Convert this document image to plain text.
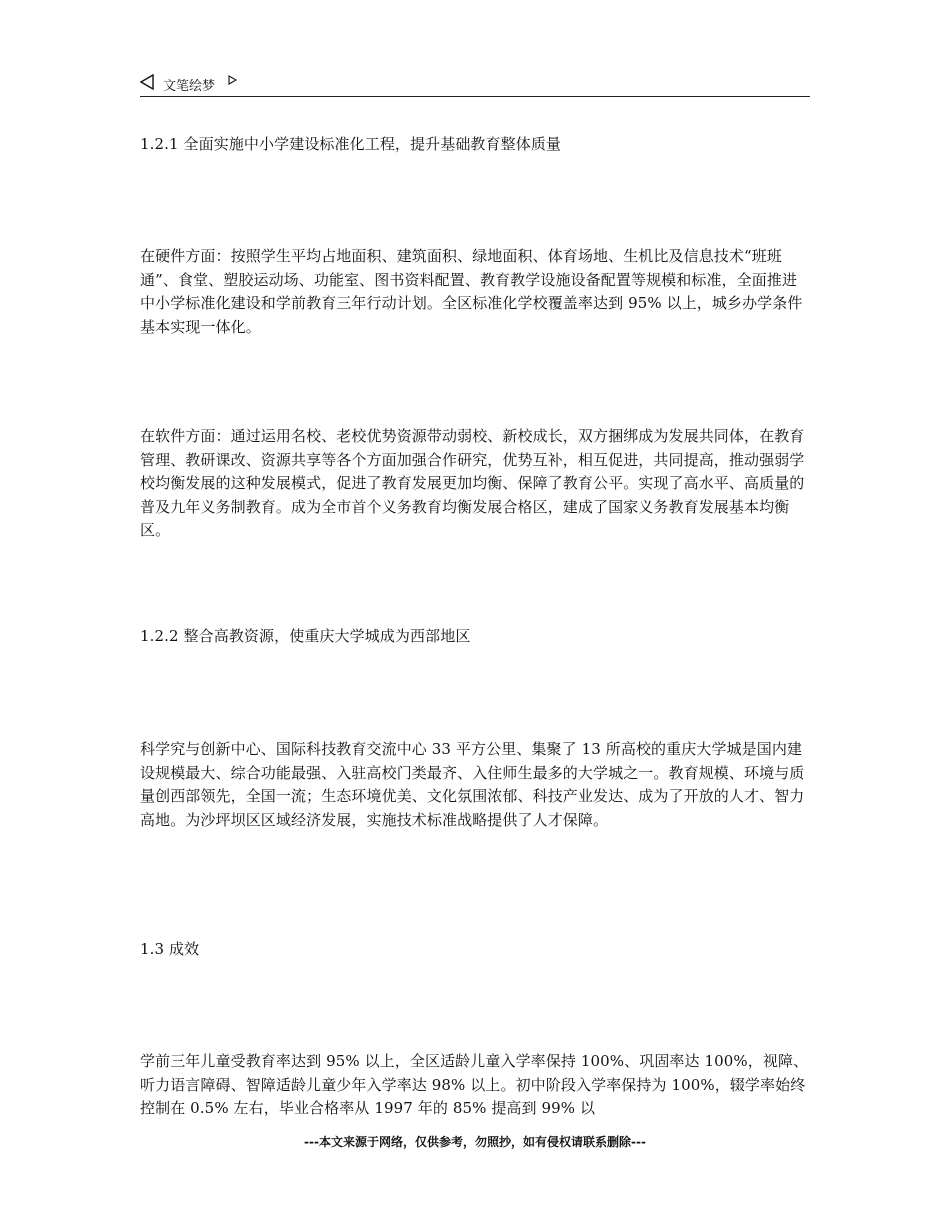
文笔绘梦

1.2.1 全面实施中小学建设标准化工程，提升基础教育整体质量

在硬件方面：按照学生平均占地面积、建筑面积、绿地面积、体育场地、生机比及信息技术“班班通”、食堂、塑胶运动场、功能室、图书资料配置、教育教学设施设备配置等规模和标准，全面推进中小学标准化建设和学前教育三年行动计划。全区标准化学校覆盖率达到 95% 以上，城乡办学条件基本实现一体化。

在软件方面：通过运用名校、老校优势资源带动弱校、新校成长，双方捆绑成为发展共同体，在教育管理、教研课改、资源共享等各个方面加强合作研究，优势互补，相互促进，共同提高，推动强弱学校均衡发展的这种发展模式，促进了教育发展更加均衡、保障了教育公平。实现了高水平、高质量的普及九年义务制教育。成为全市首个义务教育均衡发展合格区，建成了国家义务教育发展基本均衡区。

1.2.2 整合高教资源，使重庆大学城成为西部地区

科学究与创新中心、国际科技教育交流中心 33 平方公里、集聚了 13 所高校的重庆大学城是国内建设规模最大、综合功能最强、入驻高校门类最齐、入住师生最多的大学城之一。教育规模、环境与质量创西部领先，全国一流；生态环境优美、文化氛围浓郁、科技产业发达、成为了开放的人才、智力高地。为沙坪坝区区域经济发展，实施技术标准战略提供了人才保障。

1.3 成效

学前三年儿童受教育率达到 95% 以上，全区适龄儿童入学率保持 100%、巩固率达 100%，视障、听力语言障碍、智障适龄儿童少年入学率达 98% 以上。初中阶段入学率保持为 100%，辍学率始终控制在 0.5% 左右，毕业合格率从 1997 年的 85% 提高到 99% 以

---本文来源于网络，仅供参考，勿照抄，如有侵权请联系删除---
